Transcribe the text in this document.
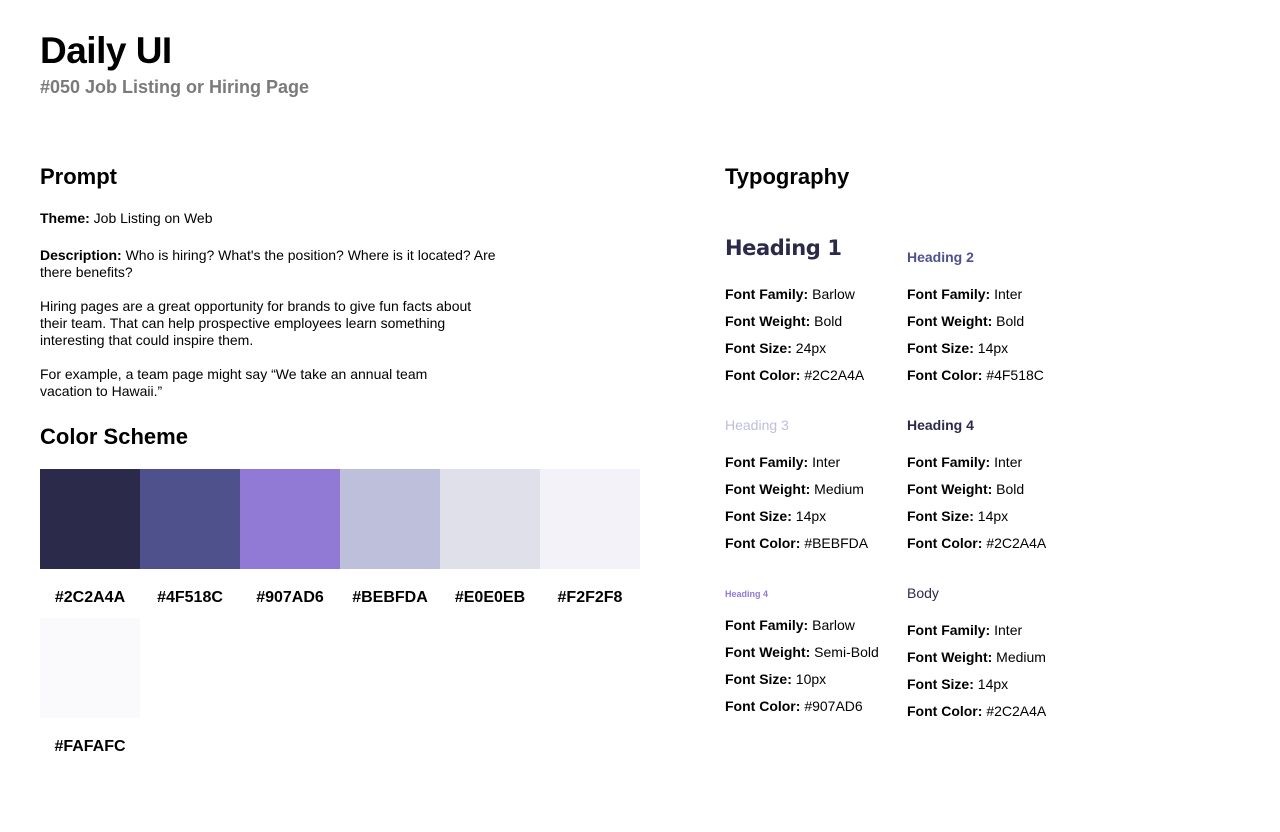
Daily UI

#050 Job Listing or Hiring Page

Prompt

Theme: Job Listing on Web

Description: Who is hiring? What's the position? Where is it located? Are there benefits?

Hiring pages are a great opportunity for brands to give fun facts about their team. That can help prospective employees learn something interesting that could inspire them.

For example, a team page might say “We take an annual team vacation to Hawaii.”

Color Scheme
#2C2A4A	#4F518C	#907AD6	#BEBFDA	#E0E0EB	#F2F2F8
#FAFAFC
Typography
Heading 1
Font Family: Barlow
Font Weight: Bold
Font Size: 24px
Font Color: #2C2A4A
Heading 2
Font Family: Inter
Font Weight: Bold
Font Size: 14px
Font Color: #4F518C
Heading 3
Font Family: Inter
Font Weight: Medium
Font Size: 14px
Font Color: #BEBFDA
Heading 4
Font Family: Inter
Font Weight: Bold
Font Size: 14px
Font Color: #2C2A4A
Heading 4
Font Family: Barlow
Font Weight: Semi-Bold
Font Size: 10px
Font Color: #907AD6
Body
Font Family: Inter
Font Weight: Medium
Font Size: 14px
Font Color: #2C2A4A
